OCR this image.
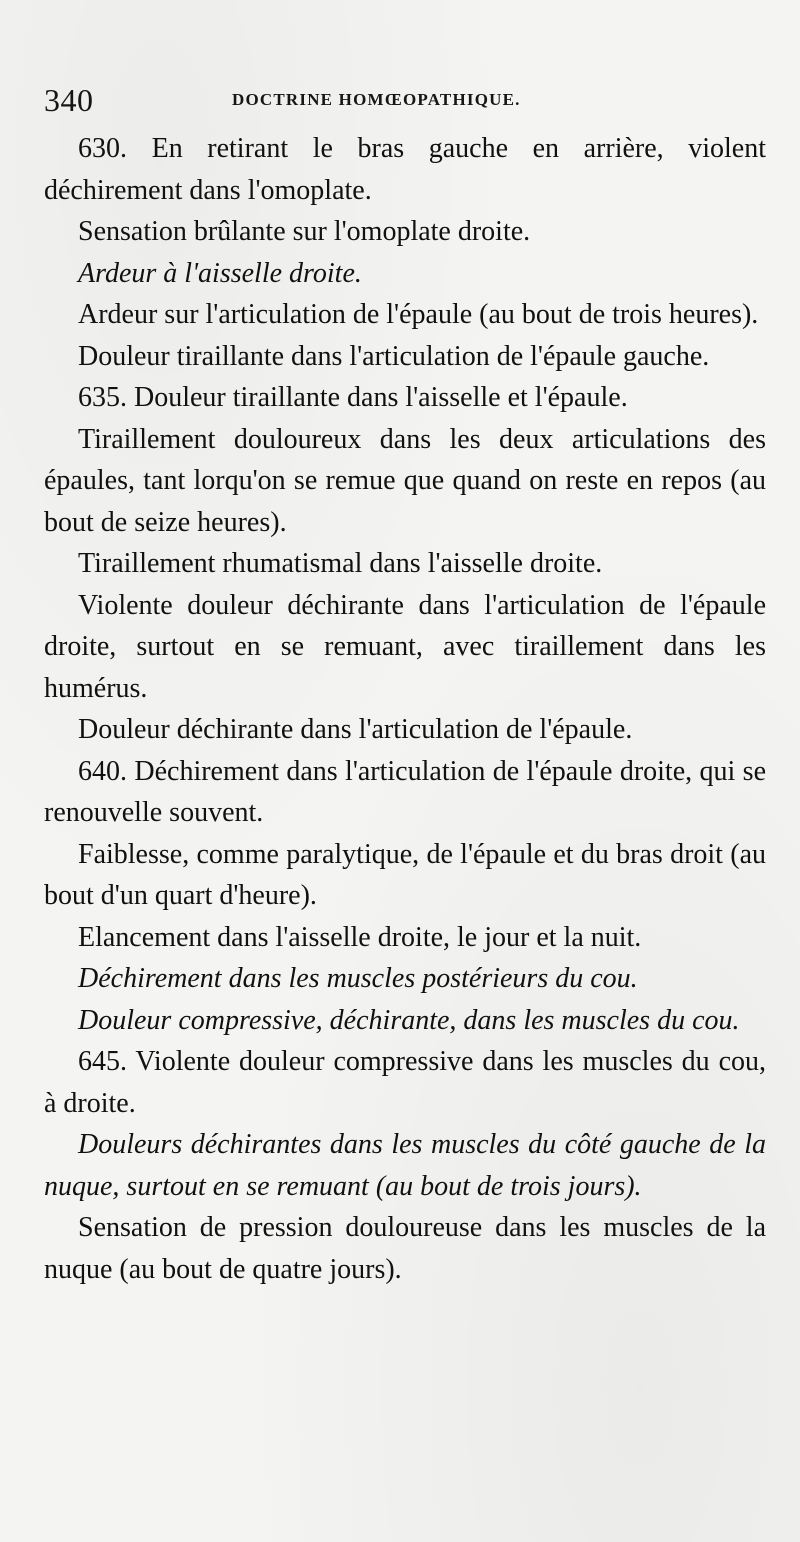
340	DOCTRINE HOMŒOPATHIQUE.

630. En retirant le bras gauche en arrière, violent déchirement dans l'omoplate.

Sensation brûlante sur l'omoplate droite.

Ardeur à l'aisselle droite.

Ardeur sur l'articulation de l'épaule (au bout de trois heures).

Douleur tiraillante dans l'articulation de l'épaule gauche.

635. Douleur tiraillante dans l'aisselle et l'épaule.

Tiraillement douloureux dans les deux articulations des épaules, tant lorqu'on se remue que quand on reste en repos (au bout de seize heures).

Tiraillement rhumatismal dans l'aisselle droite.

Violente douleur déchirante dans l'articulation de l'épaule droite, surtout en se remuant, avec tiraillement dans les humérus.

Douleur déchirante dans l'articulation de l'épaule.

640. Déchirement dans l'articulation de l'épaule droite, qui se renouvelle souvent.

Faiblesse, comme paralytique, de l'épaule et du bras droit (au bout d'un quart d'heure).

Elancement dans l'aisselle droite, le jour et la nuit.

Déchirement dans les muscles postérieurs du cou.

Douleur compressive, déchirante, dans les muscles du cou.

645. Violente douleur compressive dans les muscles du cou, à droite.

Douleurs déchirantes dans les muscles du côté gauche de la nuque, surtout en se remuant (au bout de trois jours).

Sensation de pression douloureuse dans les muscles de la nuque (au bout de quatre jours).
